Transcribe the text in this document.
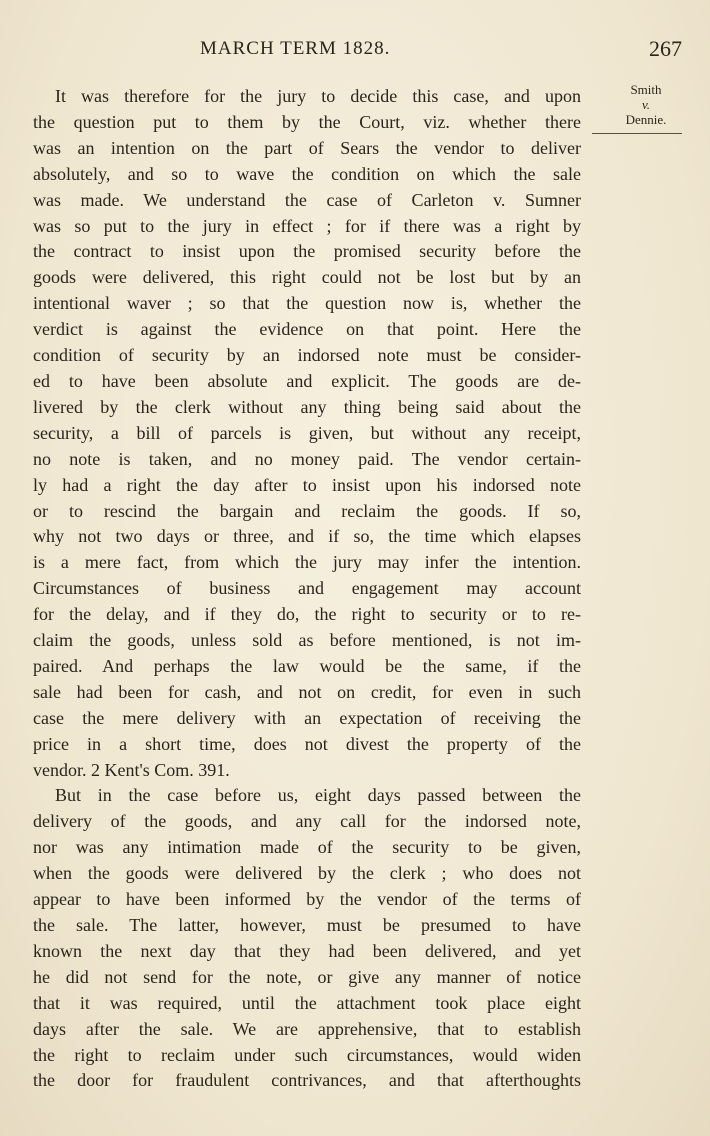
MARCH TERM 1828.	267
Smith

v.
Dennie.
It was therefore for the jury to decide this case, and upon
the question put to them by the Court, viz. whether there
was an intention on the part of Sears the vendor to deliver
absolutely, and so to wave the condition on which the sale
was made. We understand the case of Carleton v. Sumner
was so put to the jury in effect ; for if there was a right by
the contract to insist upon the promised security before the
goods were delivered, this right could not be lost but by an
intentional waver ; so that the question now is, whether the
verdict is against the evidence on that point. Here the
condition of security by an indorsed note must be consider-
ed to have been absolute and explicit. The goods are de-
livered by the clerk without any thing being said about the
security, a bill of parcels is given, but without any receipt,
no note is taken, and no money paid. The vendor certain-
ly had a right the day after to insist upon his indorsed note
or to rescind the bargain and reclaim the goods. If so,
why not two days or three, and if so, the time which elapses
is a mere fact, from which the jury may infer the intention.
Circumstances of business and engagement may account
for the delay, and if they do, the right to security or to re-
claim the goods, unless sold as before mentioned, is not im-
paired. And perhaps the law would be the same, if the
sale had been for cash, and not on credit, for even in such
case the mere delivery with an expectation of receiving the
price in a short time, does not divest the property of the
vendor. 2 Kent's Com. 391.
But in the case before us, eight days passed between the
delivery of the goods, and any call for the indorsed note,
nor was any intimation made of the security to be given,
when the goods were delivered by the clerk ; who does not
appear to have been informed by the vendor of the terms of
the sale. The latter, however, must be presumed to have
known the next day that they had been delivered, and yet
he did not send for the note, or give any manner of notice
that it was required, until the attachment took place eight
days after the sale. We are apprehensive, that to establish
the right to reclaim under such circumstances, would widen
the door for fraudulent contrivances, and that afterthoughts
